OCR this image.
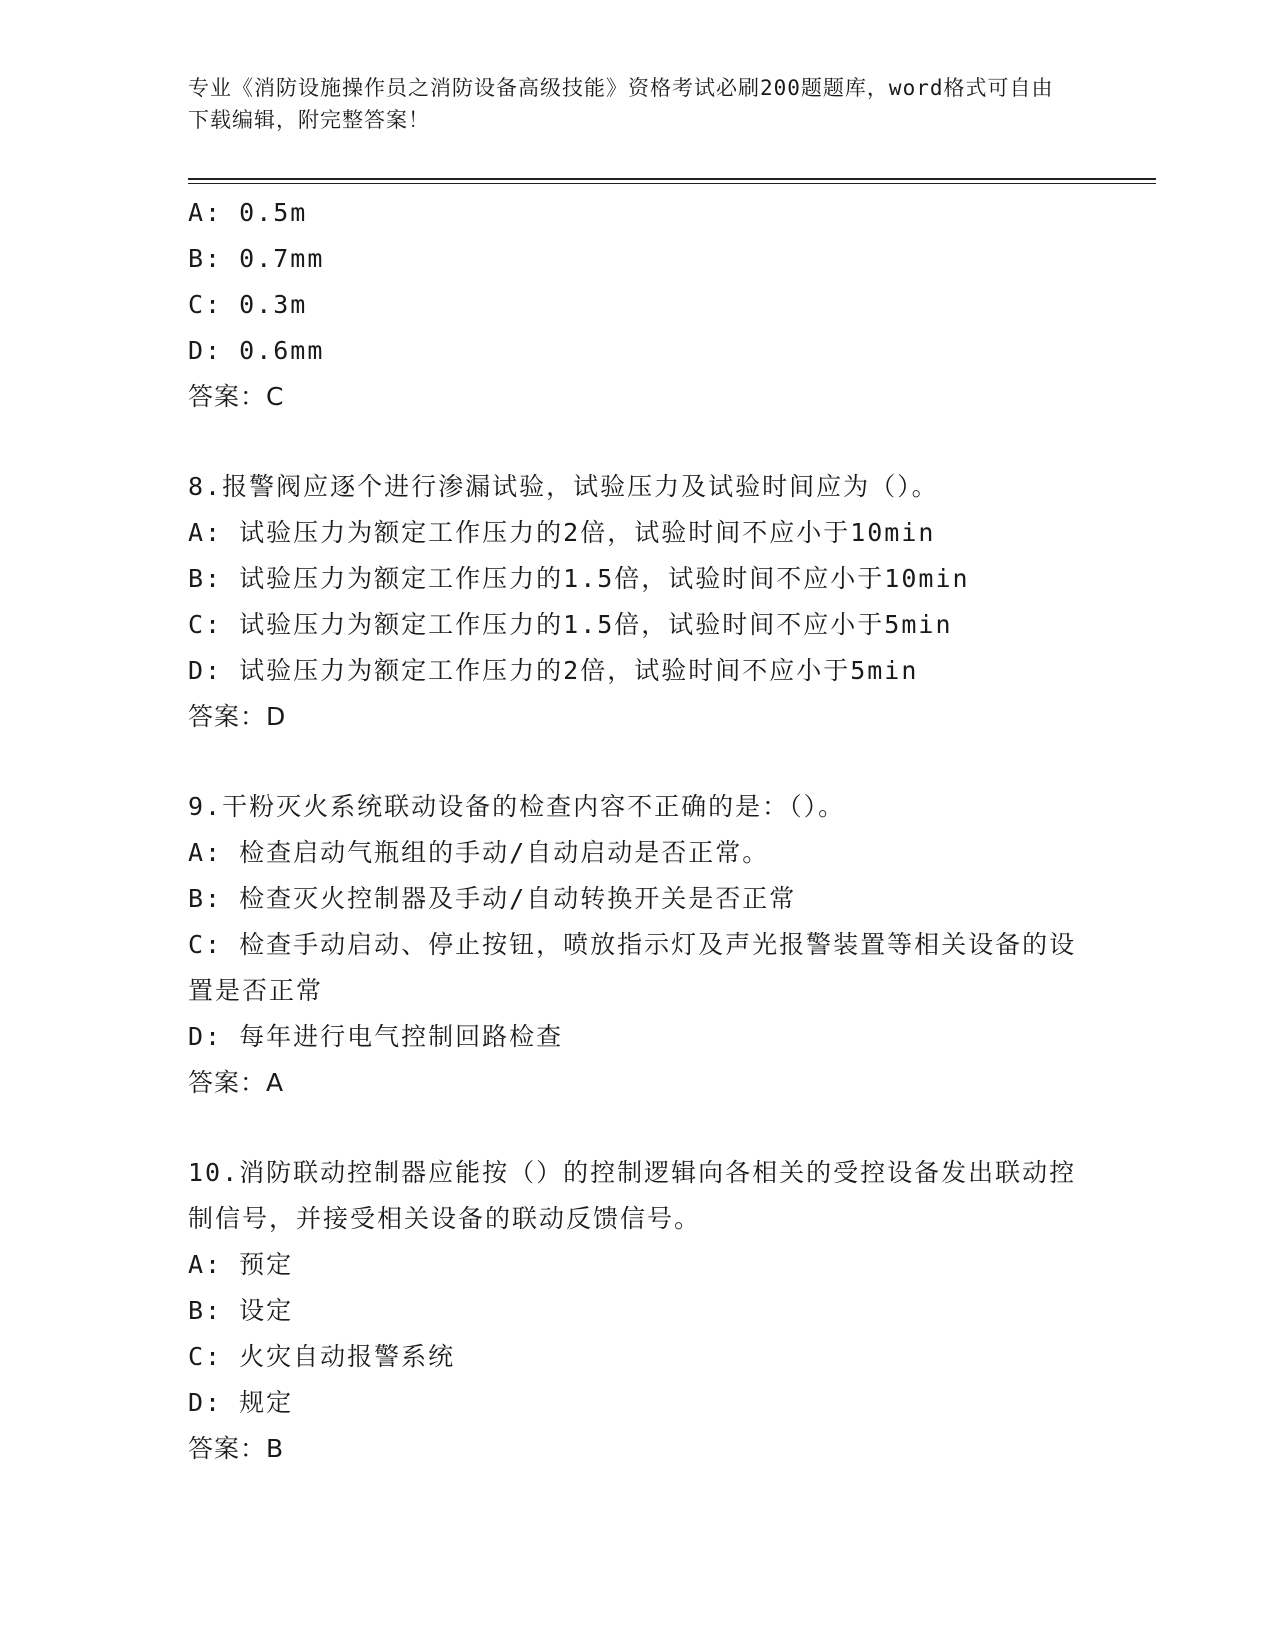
专业《消防设施操作员之消防设备高级技能》资格考试必刷200题题库，word格式可自由下载编辑，附完整答案！
A: 0.5m
B: 0.7mm
C: 0.3m
D: 0.6mm
答案：C
8.报警阀应逐个进行渗漏试验，试验压力及试验时间应为（）。
A: 试验压力为额定工作压力的2倍，试验时间不应小于10min
B: 试验压力为额定工作压力的1.5倍，试验时间不应小于10min
C: 试验压力为额定工作压力的1.5倍，试验时间不应小于5min
D: 试验压力为额定工作压力的2倍，试验时间不应小于5min
答案：D
9.干粉灭火系统联动设备的检查内容不正确的是：（）。
A: 检查启动气瓶组的手动/自动启动是否正常。
B: 检查灭火控制器及手动/自动转换开关是否正常
C: 检查手动启动、停止按钮，喷放指示灯及声光报警装置等相关设备的设置是否正常
D: 每年进行电气控制回路检查
答案：A
10.消防联动控制器应能按（）的控制逻辑向各相关的受控设备发出联动控制信号，并接受相关设备的联动反馈信号。
A: 预定
B: 设定
C: 火灾自动报警系统
D: 规定
答案：B
